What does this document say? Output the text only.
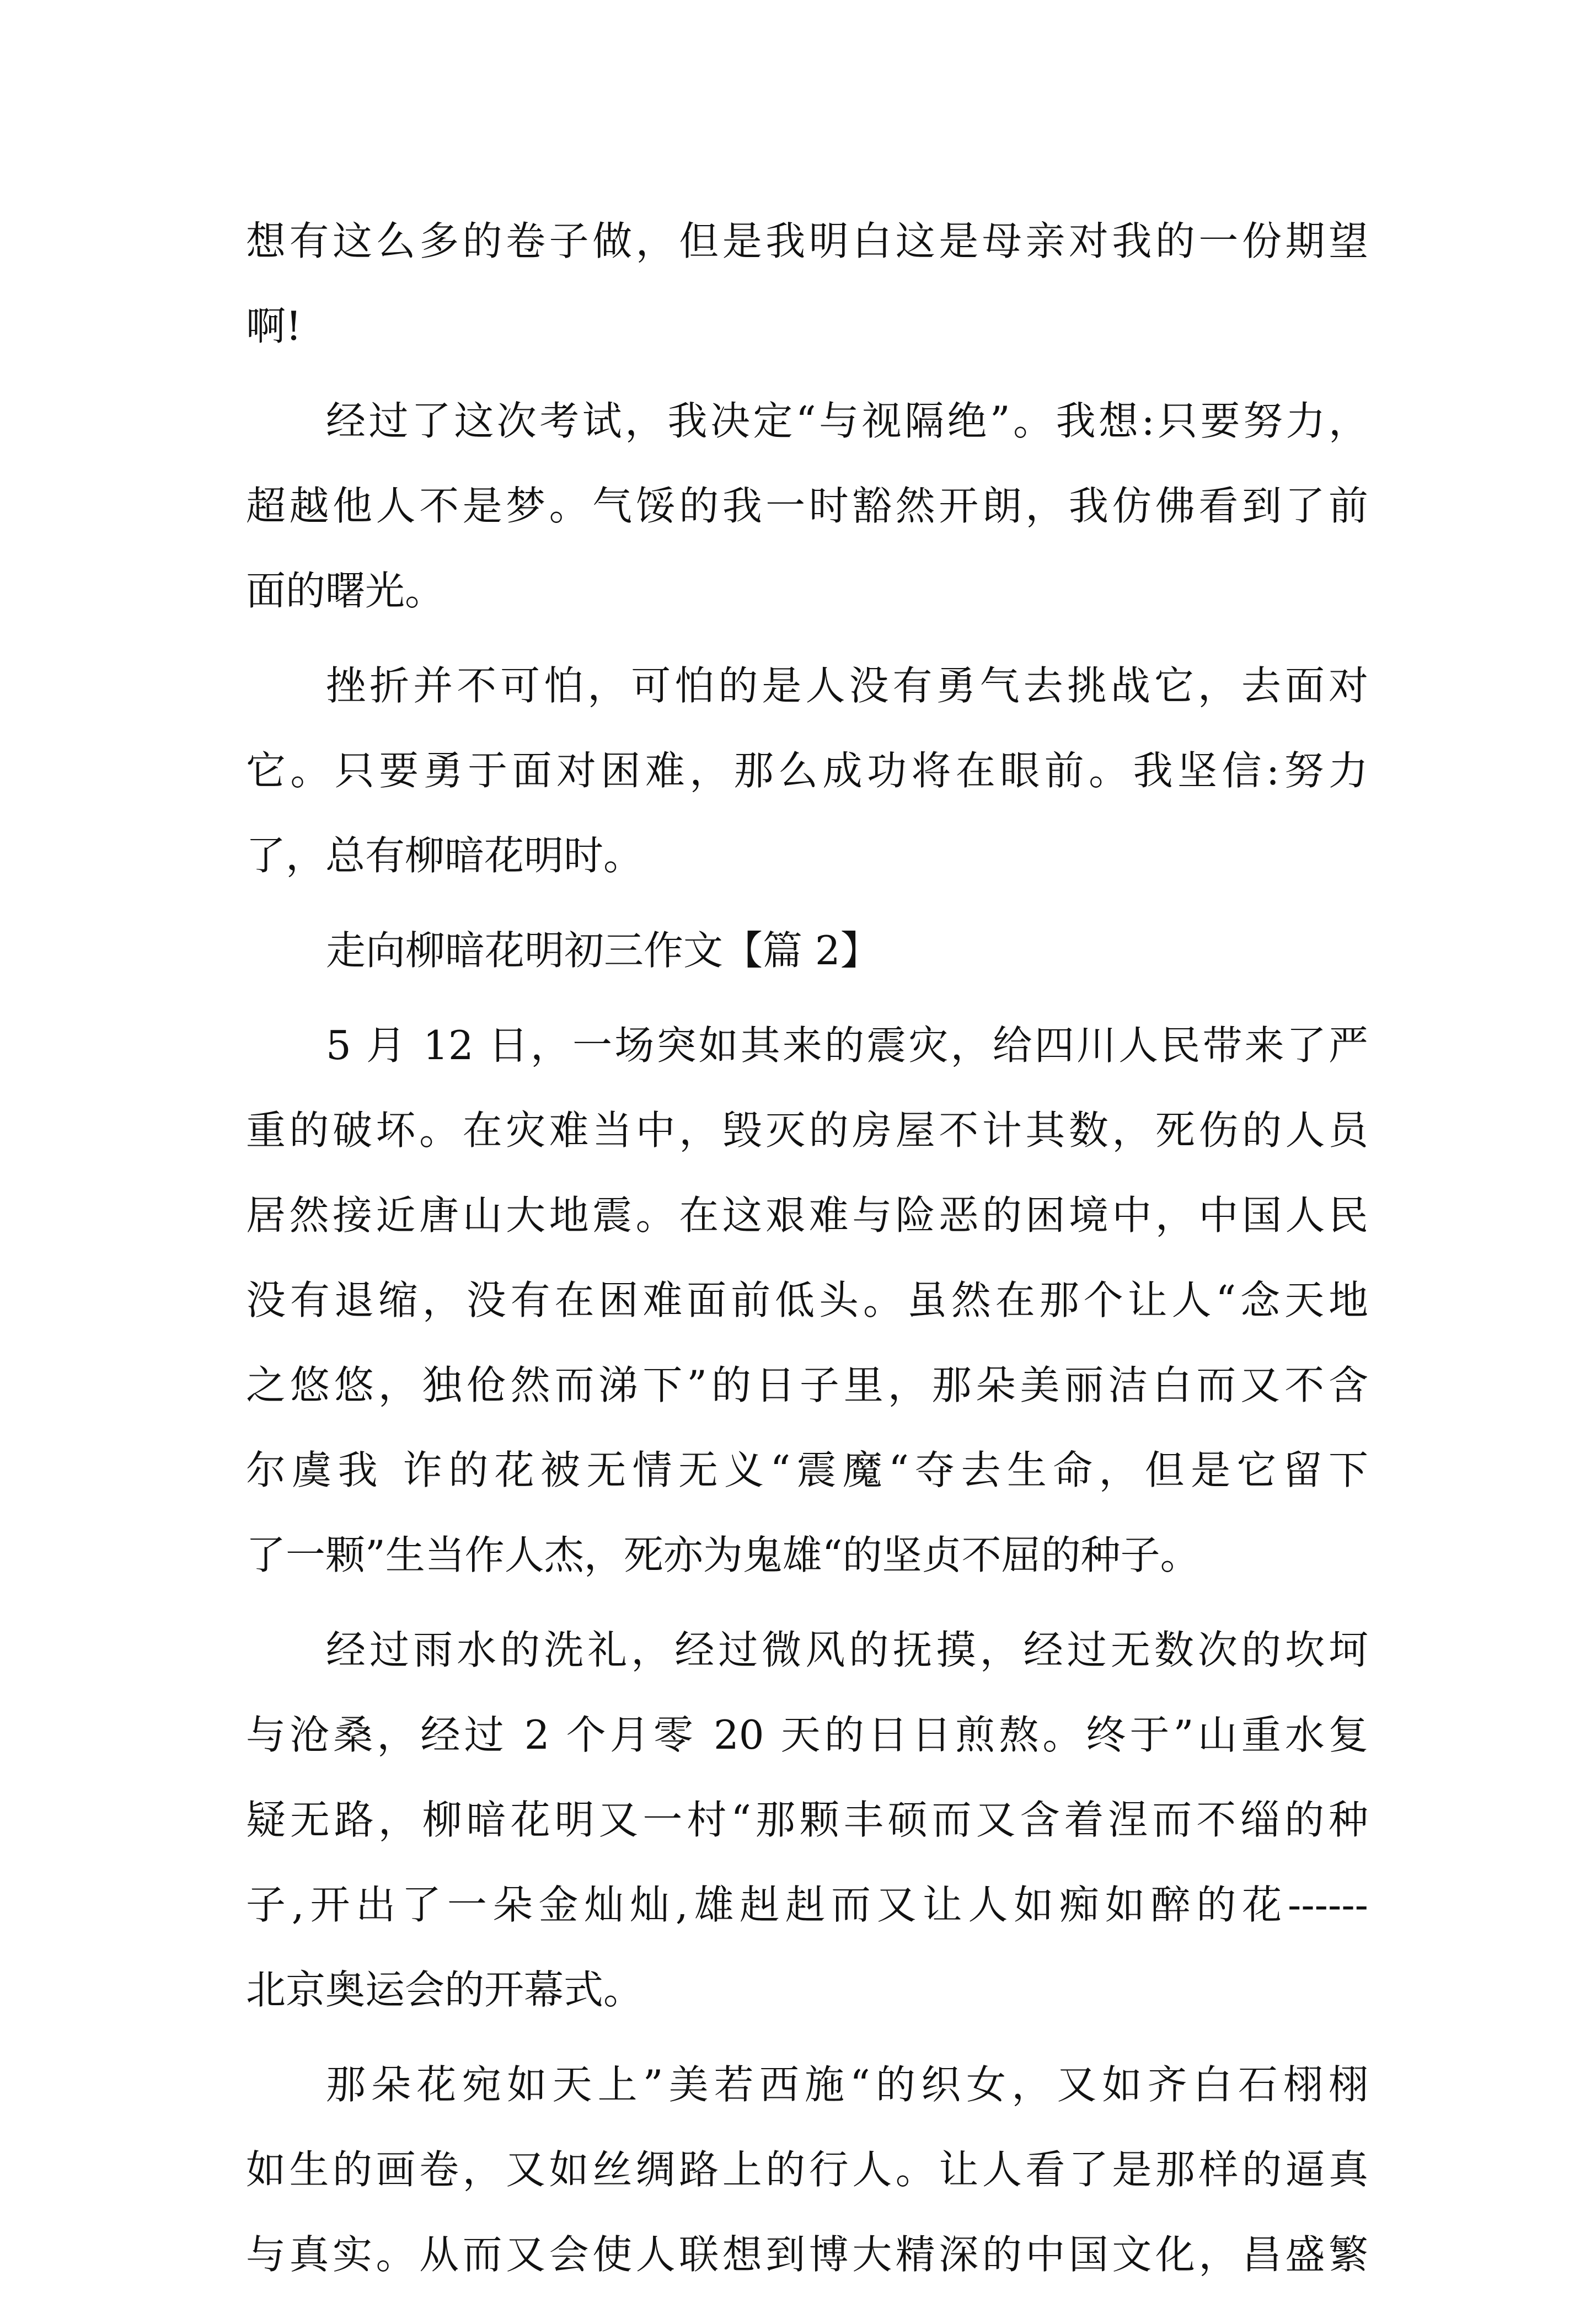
想有这么多的卷子做，但是我明白这是母亲对我的一份期望
啊!
经过了这次考试，我决定“与视隔绝”。我想:只要努力，
超越他人不是梦。气馁的我一时豁然开朗，我仿佛看到了前
面的曙光。
挫折并不可怕，可怕的是人没有勇气去挑战它，去面对
它。只要勇于面对困难，那么成功将在眼前。我坚信:努力
了，总有柳暗花明时。
走向柳暗花明初三作文【篇 2】
5 月 12 日，一场突如其来的震灾，给四川人民带来了严
重的破坏。在灾难当中，毁灭的房屋不计其数，死伤的人员
居然接近唐山大地震。在这艰难与险恶的困境中，中国人民
没有退缩，没有在困难面前低头。虽然在那个让人“念天地
之悠悠，独伧然而涕下”的日子里，那朵美丽洁白而又不含
尔虞我 诈的花被无情无义“震魔“夺去生命，但是它留下
了一颗”生当作人杰，死亦为鬼雄“的坚贞不屈的种子。
经过雨水的洗礼，经过微风的抚摸，经过无数次的坎坷
与沧桑，经过 2 个月零 20 天的日日煎熬。终于”山重水复
疑无路，柳暗花明又一村“那颗丰硕而又含着涅而不缁的种
子,开出了一朵金灿灿,雄赳赳而又让人如痴如醉的花------
北京奥运会的开幕式。
那朵花宛如天上”美若西施“的织女，又如齐白石栩栩
如生的画卷，又如丝绸路上的行人。让人看了是那样的逼真
与真实。从而又会使人联想到博大精深的中国文化，昌盛繁
